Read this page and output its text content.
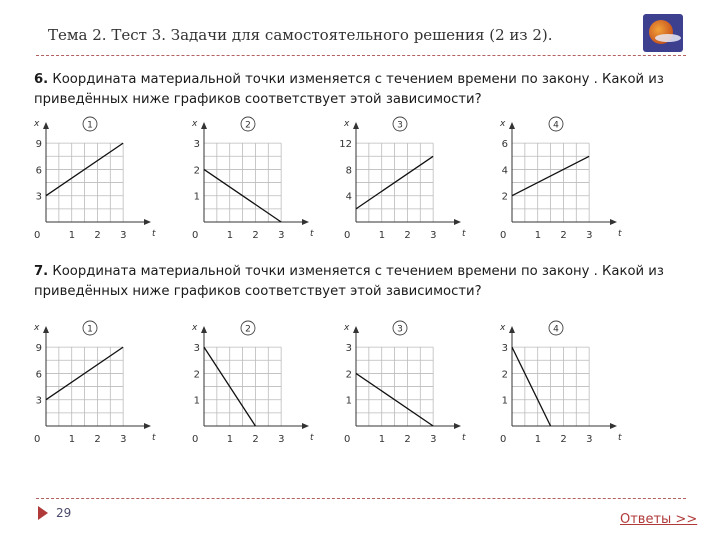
Тема 2. Тест 3. Задачи для самостоятельного решения (2 из 2).
6. Координата материальной точки изменяется с течением времени по закону . Какой из приведённых ниже графиков соответствует этой зависимости?
x
t
0	1 2 3
3
6
9
1	x
t
0	1 2 3
1
2
3
2	x
t
0	1 2 3
4
8
12
3	x
t
0	1 2 3
2
4
6
4
7. Координата материальной точки изменяется с течением времени по закону . Какой из приведённых ниже графиков соответствует этой зависимости?
x
t
0	1 2 3
3
6
9
1	x
t
0	1 2 3
1
2
3
2	x
t
0	1 2 3
1
2
3
3	x
t
0	1 2 3
1
2
3
4
29	Ответы >>
